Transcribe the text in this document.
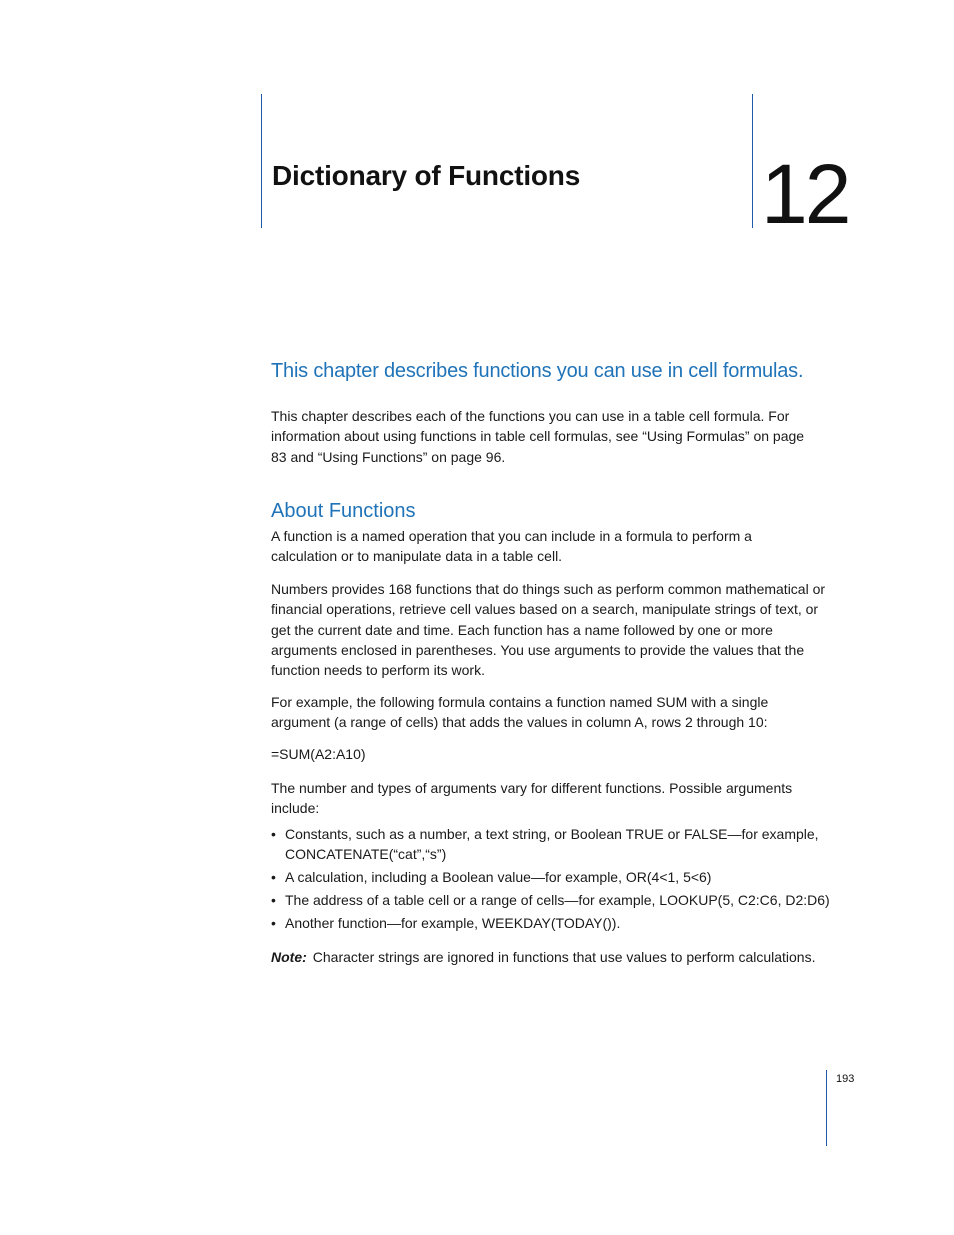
Dictionary of Functions 12
This chapter describes functions you can use in cell formulas.

This chapter describes each of the functions you can use in a table cell formula. For information about using functions in table cell formulas, see “Using Formulas” on page 83 and “Using Functions” on page 96.

About Functions

A function is a named operation that you can include in a formula to perform a calculation or to manipulate data in a table cell.

Numbers provides 168 functions that do things such as perform common mathematical or financial operations, retrieve cell values based on a search, manipulate strings of text, or get the current date and time. Each function has a name followed by one or more arguments enclosed in parentheses. You use arguments to provide the values that the function needs to perform its work.

For example, the following formula contains a function named SUM with a single argument (a range of cells) that adds the values in column A, rows 2 through 10:

=SUM(A2:A10)

The number and types of arguments vary for different functions. Possible arguments include:

• Constants, such as a number, a text string, or Boolean TRUE or FALSE—for example, CONCATENATE(“cat”,“s”)
• A calculation, including a Boolean value—for example, OR(4<1, 5<6)
• The address of a table cell or a range of cells—for example, LOOKUP(5, C2:C6, D2:D6)
• Another function—for example, WEEKDAY(TODAY()).

Note: Character strings are ignored in functions that use values to perform calculations.

193
